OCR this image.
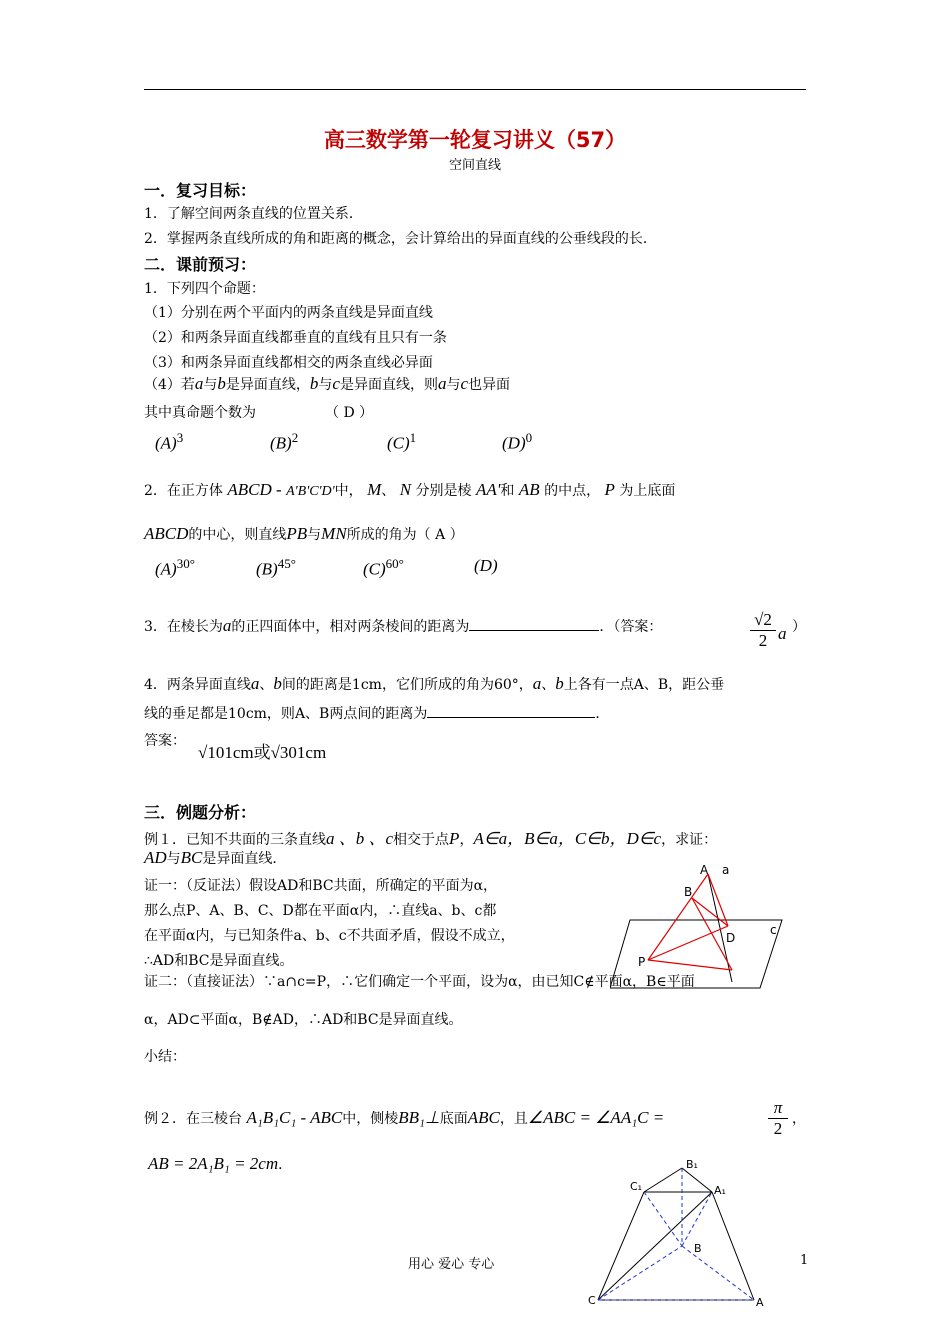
高三数学第一轮复习讲义（57）
空间直线
一．复习目标：
1．了解空间两条直线的位置关系．
2．掌握两条直线所成的角和距离的概念，会计算给出的异面直线的公垂线段的长．
二．课前预习：
1．下列四个命题：
（1）分别在两个平面内的两条直线是异面直线
（2）和两条异面直线都垂直的直线有且只有一条
（3）和两条异面直线都相交的两条直线必异面
（4）若a与b是异面直线，b与c是异面直线，则a与c也异面
其中真命题个数为	（ D ）
$(A)^3$	$(B)^2$	$(C)^1$	$(D)^0$
2．在正方体 ABCD - A'B'C'D'中， M、 N 分别是棱 AA'和 AB 的中点， P 为上底面
ABCD的中心，则直线PB与MN所成的角为（ A ）
$(A)^{30^\circ}$	$(B)^{45^\circ}$	$(C)^{60^\circ}$	(D)
3．在棱长为a的正四面体中，相对两条棱间的距离为	．（答案：	√2
2 a ）
4．两条异面直线a、b间的距离是1cm，它们所成的角为60°，a、b上各有一点A、B，距公垂
线的垂足都是10cm，则A、B两点间的距离为	．
答案：
√101cm或√301cm
三．例题分析：
例１．已知不共面的三条直线a 、b 、c相交于点P，A∈a，B∈a，C∈b，D∈c，求证：
AD与BC是异面直线．
证一：（反证法）假设AD和BC共面，所确定的平面为α，
那么点P、A、B、C、D都在平面α内，∴直线a、b、c都
在平面α内，与已知条件a、b、c不共面矛盾，假设不成立，
∴AD和BC是异面直线。
A a
B
c
D
P
证二：（直接证法）∵a∩c=P，∴它们确定一个平面，设为α，由已知C∉平面α，B∈平面
α，AD⊂平面α，B∉AD，∴AD和BC是异面直线。
小结：
例２．在三棱台 A₁B₁C₁ - ABC中，侧棱BB₁⊥底面ABC，且∠ABC = ∠AA₁C =
π
2 ，
AB = 2A₁B₁ = 2cm．	B₁
C₁	A₁
B
C	A
用心 爱心 专心	1
